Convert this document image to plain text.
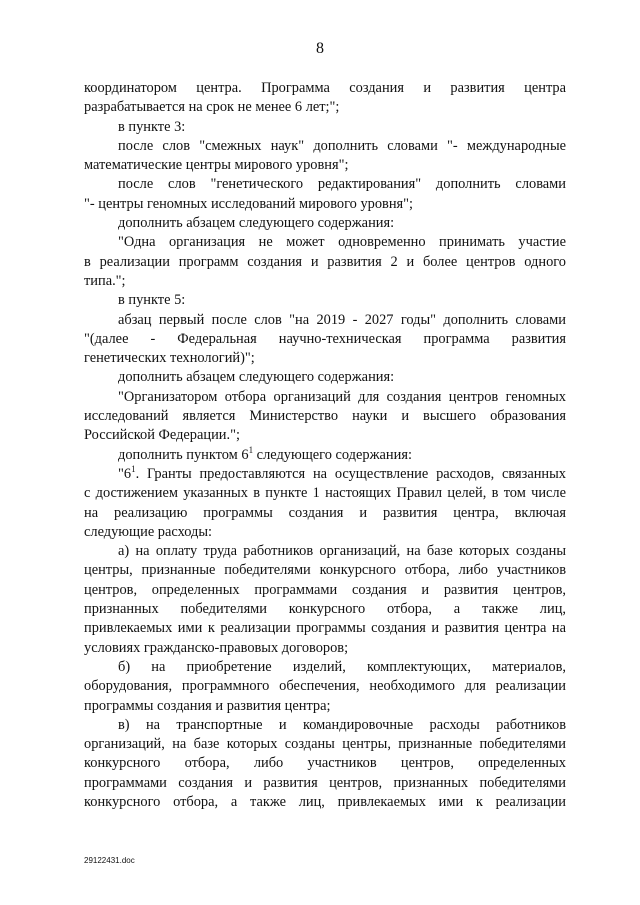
8

координатором центра. Программа создания и развития центра

разрабатывается на срок не менее 6 лет;";

в пункте 3:

после слов "смежных наук" дополнить словами "- международные

математические центры мирового уровня";

после слов "генетического редактирования" дополнить словами

"- центры геномных исследований мирового уровня";

дополнить абзацем следующего содержания:

"Одна организация не может одновременно принимать участие

в реализации программ создания и развития 2 и более центров одного

типа.";

в пункте 5:

абзац первый после слов "на 2019 - 2027 годы" дополнить словами

"(далее - Федеральная научно-техническая программа развития

генетических технологий)";

дополнить абзацем следующего содержания:

"Организатором отбора организаций для создания центров геномных

исследований является Министерство науки и высшего образования

Российской Федерации.";

дополнить пунктом $6^1$ следующего содержания:

"$6^1$. Гранты предоставляются на осуществление расходов, связанных

с достижением указанных в пункте 1 настоящих Правил целей, в том числе

на реализацию программы создания и развития центра, включая

следующие расходы:

а) на оплату труда работников организаций, на базе которых созданы

центры, признанные победителями конкурсного отбора, либо участников

центров, определенных программами создания и развития центров,

признанных победителями конкурсного отбора, а также лиц,

привлекаемых ими к реализации программы создания и развития центра на

условиях гражданско-правовых договоров;

б) на приобретение изделий, комплектующих, материалов,

оборудования, программного обеспечения, необходимого для реализации

программы создания и развития центра;

в) на транспортные и командировочные расходы работников

организаций, на базе которых созданы центры, признанные победителями

конкурсного отбора, либо участников центров, определенных

программами создания и развития центров, признанных победителями

конкурсного отбора, а также лиц, привлекаемых ими к реализации

29122431.doc
